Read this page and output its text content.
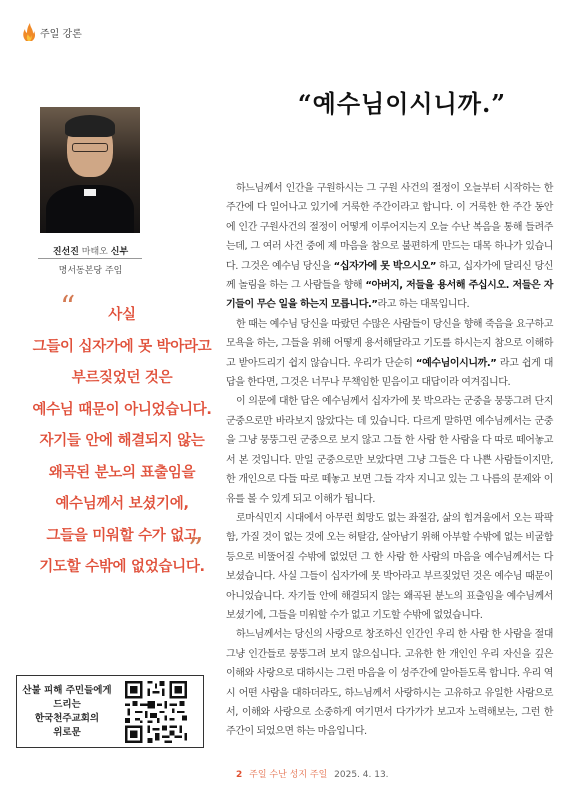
주일 강론
“예수님이시니까.”
진선진 마태오 신부
명서동본당 주임
“	사실
그들이 십자가에 못 박아라고
부르짖었던 것은
예수님 때문이 아니었습니다.
자기들 안에 해결되지 않는
왜곡된 분노의 표출임을
예수님께서 보셨기에,
그들을 미워할 수가 없고
기도할 수밖에 없었습니다.
”
산불 피해 주민들에게
드리는
한국천주교회의
위로문

하느님께서 인간을 구원하시는 그 구원 사건의 절정이 오늘부터 시작하는 한 주간에 다 일어나고 있기에 거룩한 주간이라고 합니다. 이 거룩한 한 주간 동안에 인간 구원사건의 절정이 어떻게 이루어지는지 오늘 수난 복음을 통해 들려주는데, 그 여러 사건 중에 제 마음을 참으로 불편하게 만드는 대목 하나가 있습니다. 그것은 예수님 당신을 “십자가에 못 박으시오” 하고, 십자가에 달리신 당신께 놀림을 하는 그 사람들을 향해 “아버지, 저들을 용서해 주십시오. 저들은 자기들이 무슨 일을 하는지 모릅니다.”라고 하는 대목입니다.

한 때는 예수님 당신을 따랐던 수많은 사람들이 당신을 향해 죽음을 요구하고 모욕을 하는, 그들을 위해 어떻게 용서해달라고 기도를 하시는지 참으로 이해하고 받아드리기 쉽지 않습니다. 우리가 단순히 “예수님이시니까.” 라고 쉽게 대답을 한다면, 그것은 너무나 무책임한 믿음이고 대답이라 여겨집니다.

이 의문에 대한 답은 예수님께서 십자가에 못 박으라는 군중을 뭉뚱그려 단지 군중으로만 바라보지 않았다는 데 있습니다. 다르게 말하면 예수님께서는 군중을 그냥 뭉뚱그린 군중으로 보지 않고 그들 한 사람 한 사람을 다 따로 떼어놓고서 본 것입니다. 만일 군중으로만 보았다면 그냥 그들은 다 나쁜 사람들이지만, 한 개인으로 다들 따로 떼놓고 보면 그들 각자 지니고 있는 그 나름의 문제와 이유를 볼 수 있게 되고 이해가 됩니다.

로마식민지 시대에서 아무런 희망도 없는 좌절감, 삶의 힘겨움에서 오는 팍팍함, 가질 것이 없는 것에 오는 허탈감, 살아남기 위해 아부할 수밖에 없는 비굴함 등으로 비뚤어질 수밖에 없었던 그 한 사람 한 사람의 마음을 예수님께서는 다 보셨습니다. 사실 그들이 십자가에 못 박아라고 부르짖었던 것은 예수님 때문이 아니었습니다. 자기들 안에 해결되지 않는 왜곡된 분노의 표출임을 예수님께서 보셨기에, 그들을 미워할 수가 없고 기도할 수밖에 없었습니다.

하느님께서는 당신의 사랑으로 창조하신 인간인 우리 한 사람 한 사람을 절대 그냥 인간들로 뭉뚱그려 보지 않으십니다. 고유한 한 개인인 우리 자신을 깊은 이해와 사랑으로 대하시는 그런 마음을 이 성주간에 알아듣도록 합니다. 우리 역시 어떤 사람을 대하더라도, 하느님께서 사랑하시는 고유하고 유일한 사람으로서, 이해와 사랑으로 소중하게 여기면서 다가가가 보고자 노력해보는, 그런 한 주간이 되었으면 하는 마음입니다.

2 주일 수난 성지 주일 2025. 4. 13.
